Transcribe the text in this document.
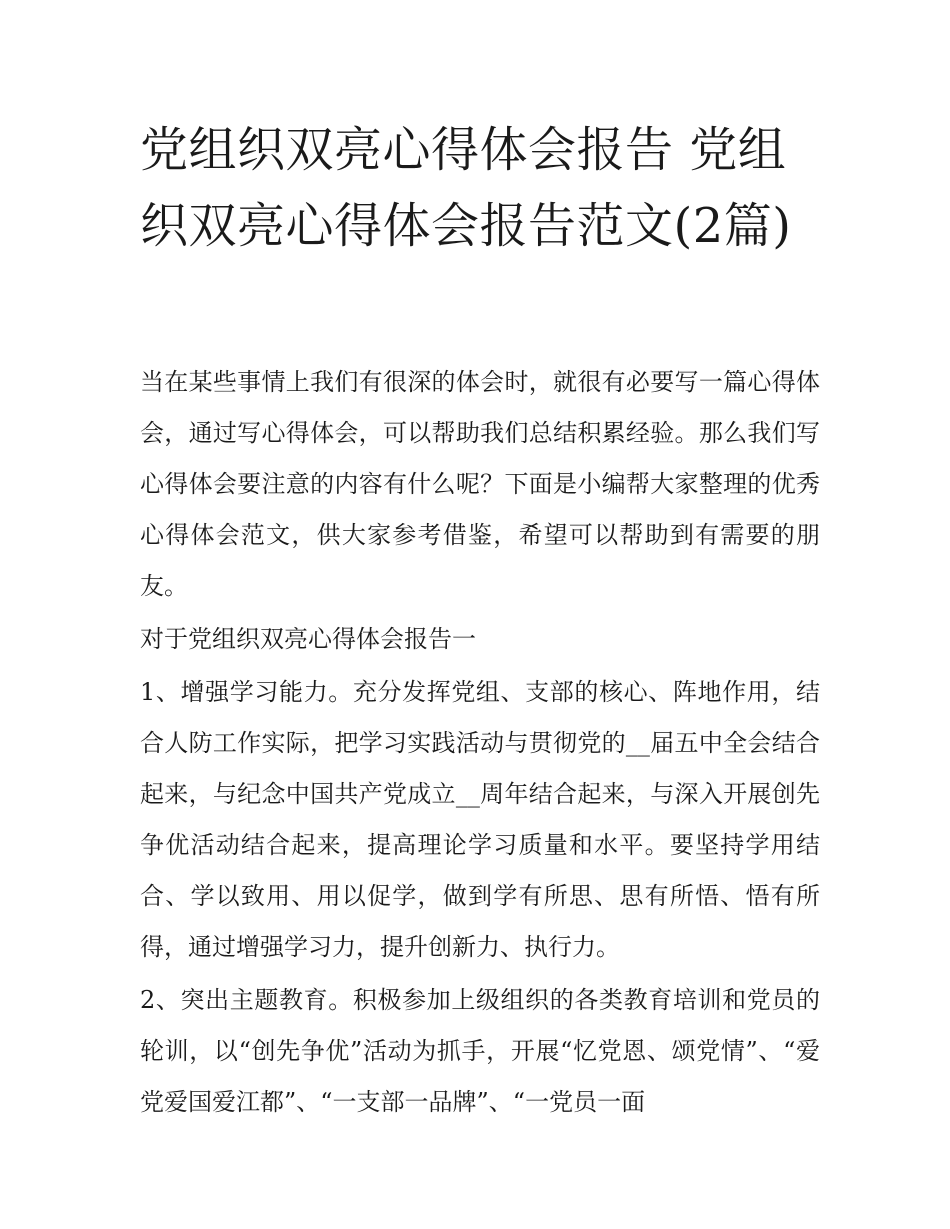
党组织双亮心得体会报告 党组织双亮心得体会报告范文(2篇)

当在某些事情上我们有很深的体会时，就很有必要写一篇心得体会，通过写心得体会，可以帮助我们总结积累经验。那么我们写心得体会要注意的内容有什么呢？下面是小编帮大家整理的优秀心得体会范文，供大家参考借鉴，希望可以帮助到有需要的朋友。

对于党组织双亮心得体会报告一

1、增强学习能力。充分发挥党组、支部的核心、阵地作用，结合人防工作实际，把学习实践活动与贯彻党的__届五中全会结合起来，与纪念中国共产党成立__周年结合起来，与深入开展创先争优活动结合起来，提高理论学习质量和水平。要坚持学用结合、学以致用、用以促学，做到学有所思、思有所悟、悟有所得，通过增强学习力，提升创新力、执行力。

2、突出主题教育。积极参加上级组织的各类教育培训和党员的轮训，以“创先争优”活动为抓手，开展“忆党恩、颂党情”、“爱党爱国爱江都”、“一支部一品牌”、“一党员一面
